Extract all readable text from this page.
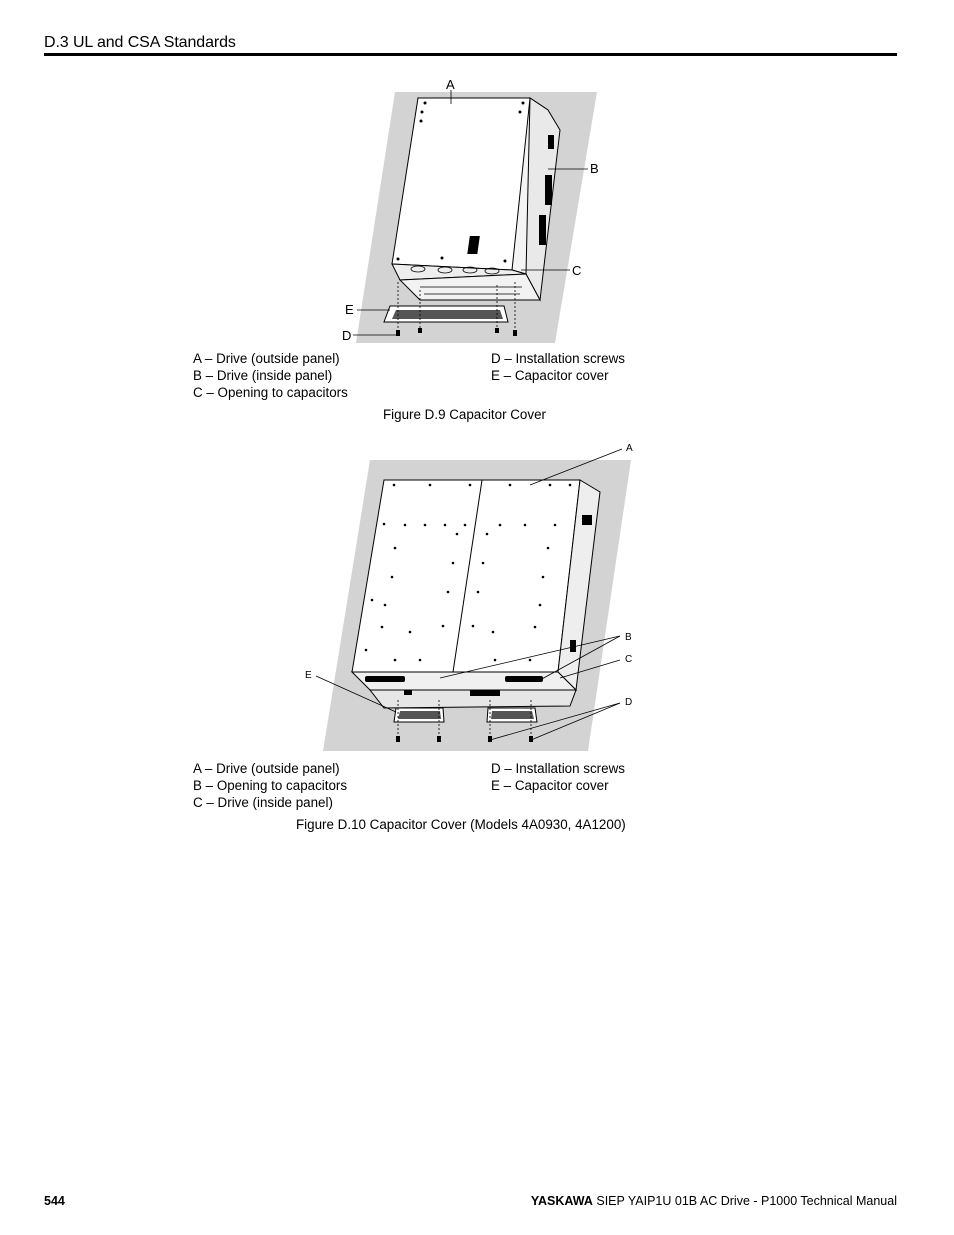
D.3 UL and CSA Standards
A
B
C
E
D
A – Drive (outside panel)
B – Drive (inside panel)
C – Opening to capacitors
D – Installation screws
E – Capacitor cover
Figure D.9 Capacitor Cover
A
B
C
D
E
A – Drive (outside panel)
B – Opening to capacitors
C – Drive (inside panel)
D – Installation screws
E – Capacitor cover
Figure D.10 Capacitor Cover (Models 4A0930, 4A1200)
544	YASKAWA SIEP YAIP1U 01B AC Drive - P1000 Technical Manual
